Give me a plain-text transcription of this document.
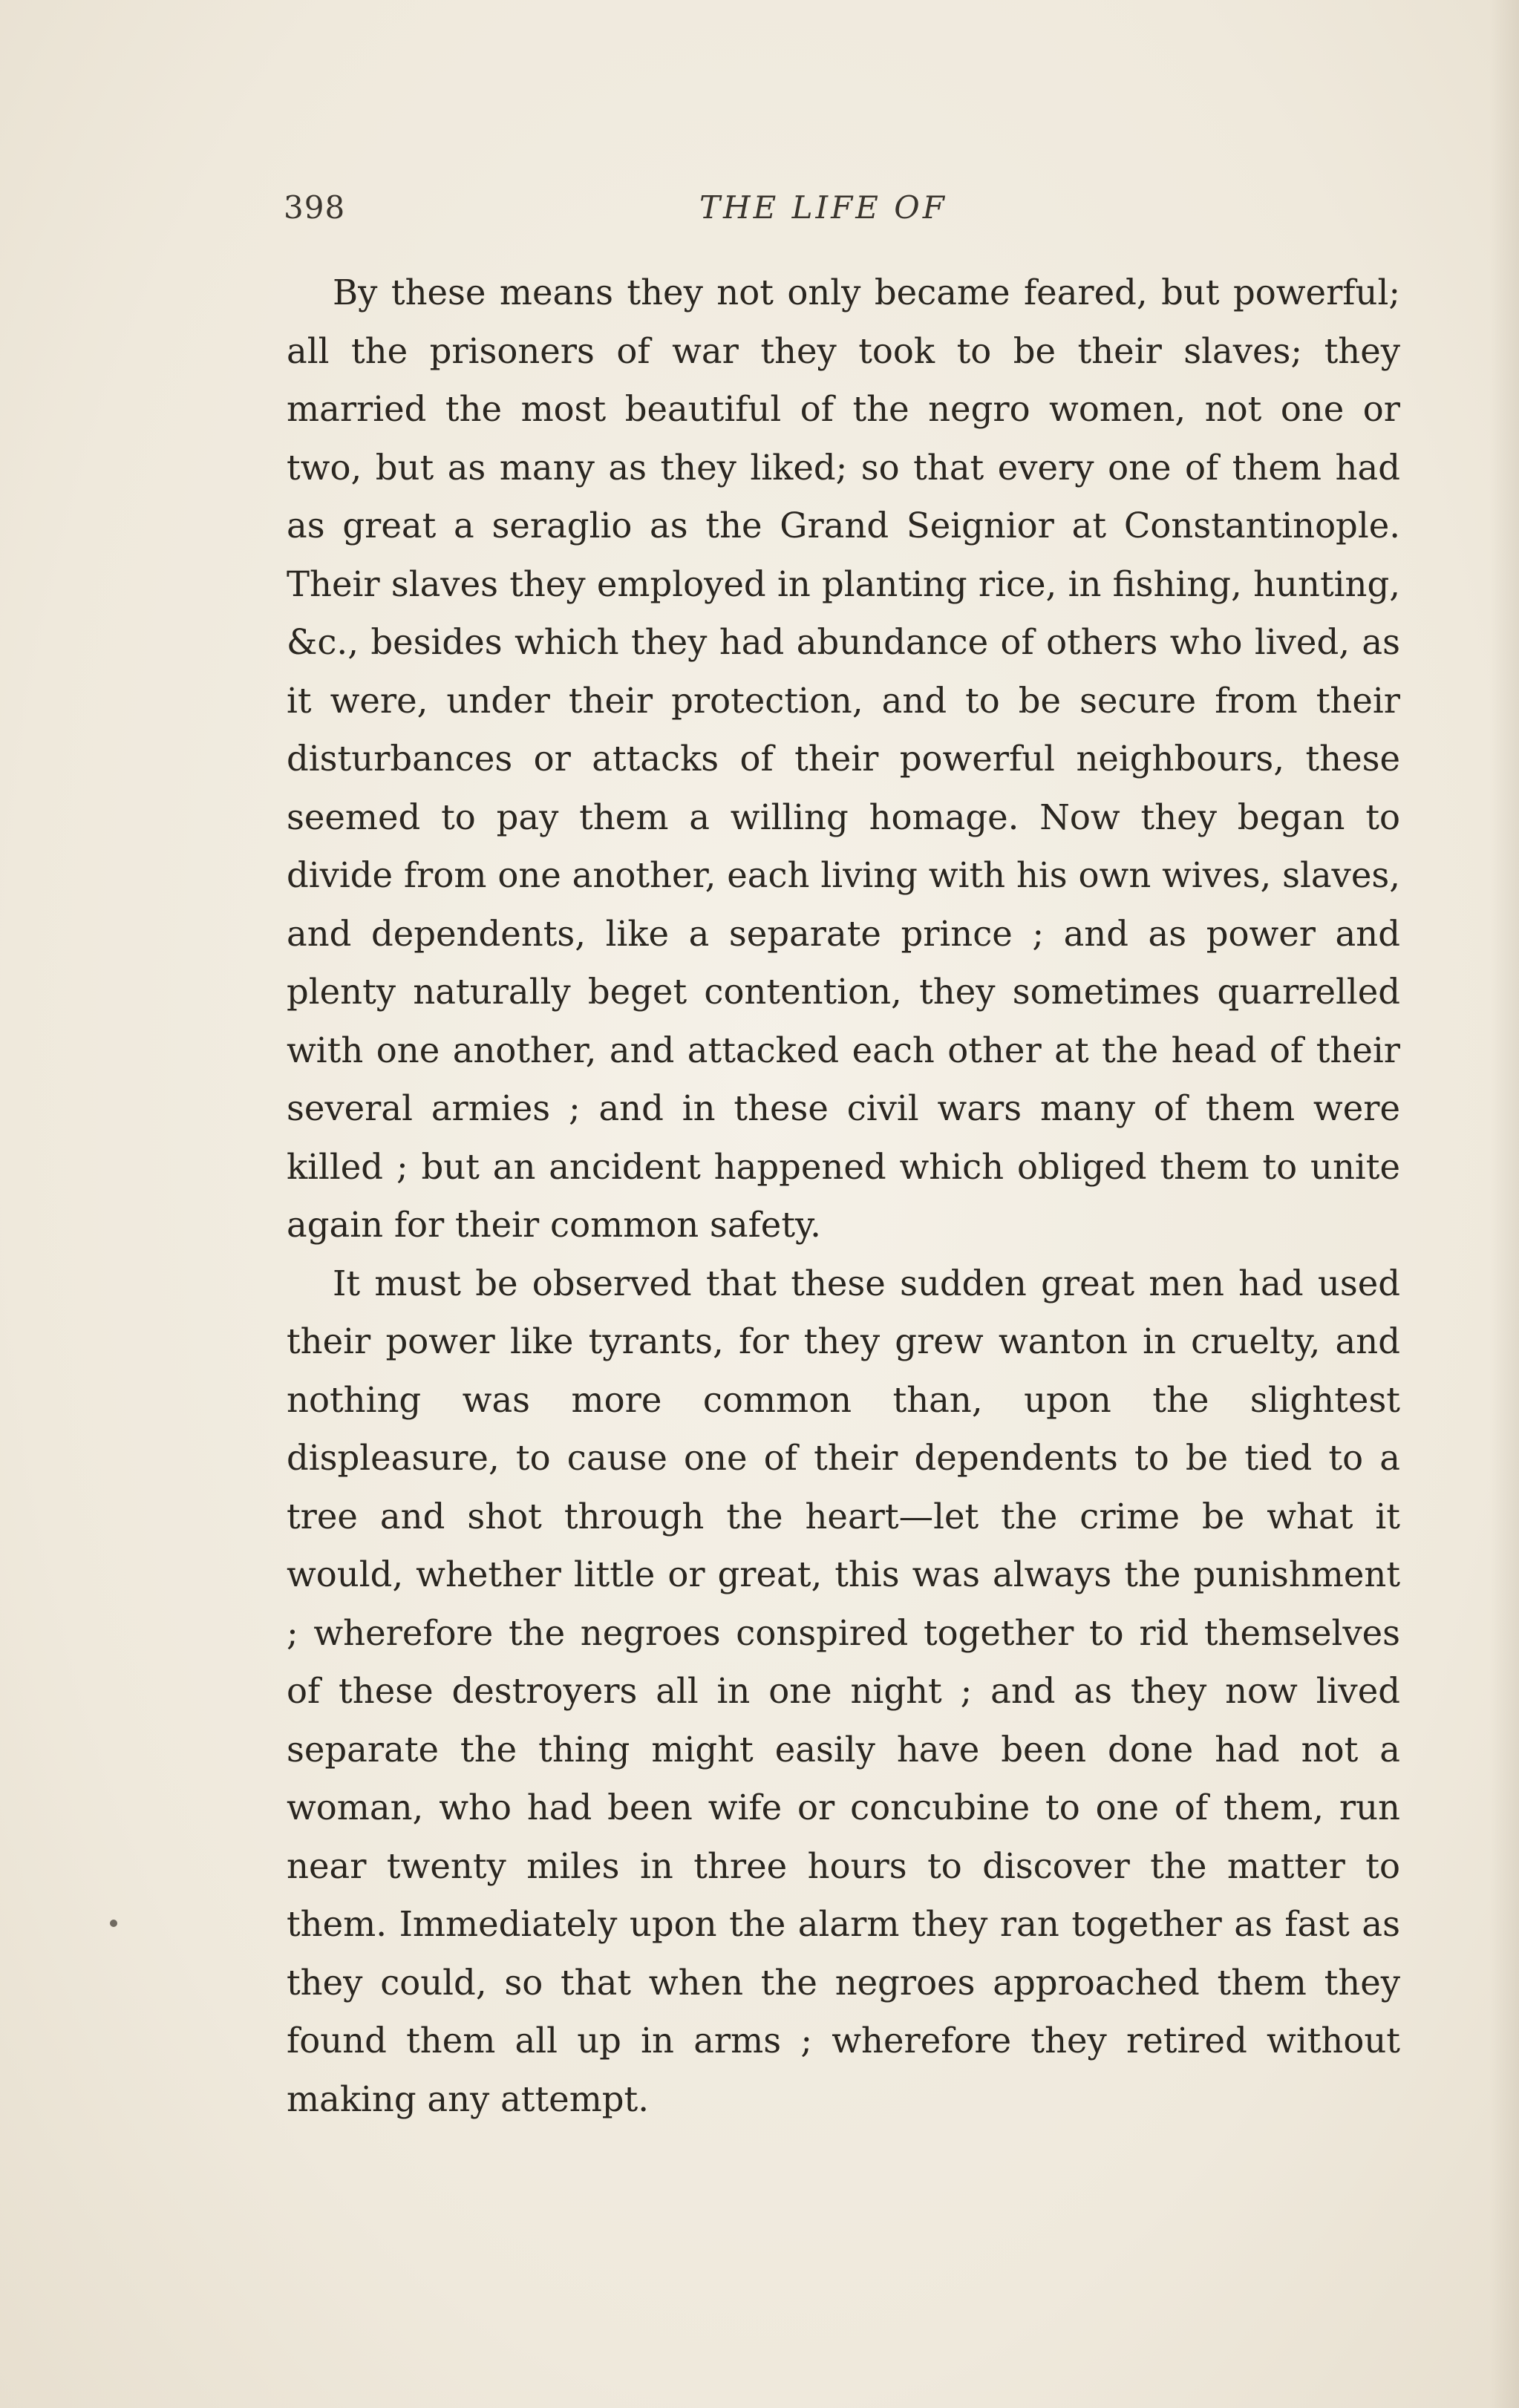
398	THE LIFE OF

By these means they not only became feared, but powerful; all the prisoners of war they took to be their slaves; they married the most beautiful of the negro women, not one or two, but as many as they liked; so that every one of them had as great a seraglio as the Grand Seignior at Constantinople. Their slaves they employed in planting rice, in fishing, hunting, &c., besides which they had abundance of others who lived, as it were, under their protection, and to be secure from their disturbances or attacks of their powerful neighbours, these seemed to pay them a willing homage. Now they began to divide from one another, each living with his own wives, slaves, and dependents, like a separate prince ; and as power and plenty naturally beget contention, they sometimes quarrelled with one another, and attacked each other at the head of their several armies ; and in these civil wars many of them were killed ; but an ancident happened which obliged them to unite again for their common safety.

It must be observed that these sudden great men had used their power like tyrants, for they grew wanton in cruelty, and nothing was more common than, upon the slightest displeasure, to cause one of their dependents to be tied to a tree and shot through the heart—let the crime be what it would, whether little or great, this was always the punishment ; wherefore the negroes conspired together to rid themselves of these destroyers all in one night ; and as they now lived separate the thing might easily have been done had not a woman, who had been wife or concubine to one of them, run near twenty miles in three hours to discover the matter to them. Immediately upon the alarm they ran together as fast as they could, so that when the negroes approached them they found them all up in arms ; wherefore they retired without making any attempt.
